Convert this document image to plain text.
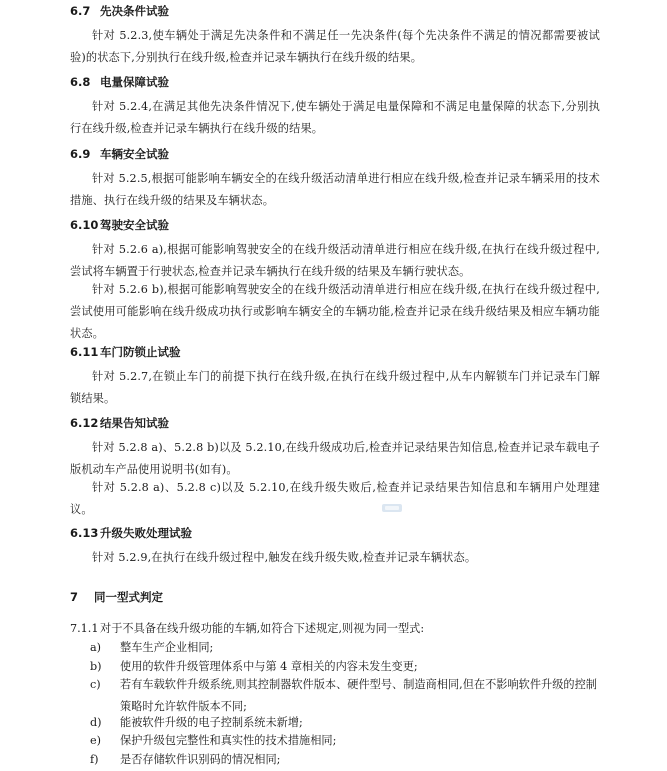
6.7 先决条件试验
针对 5.2.3,使车辆处于满足先决条件和不满足任一先决条件(每个先决条件不满足的情况都需要被试验)的状态下,分别执行在线升级,检查并记录车辆执行在线升级的结果。
6.8 电量保障试验
针对 5.2.4,在满足其他先决条件情况下,使车辆处于满足电量保障和不满足电量保障的状态下,分别执行在线升级,检查并记录车辆执行在线升级的结果。
6.9 车辆安全试验
针对 5.2.5,根据可能影响车辆安全的在线升级活动清单进行相应在线升级,检查并记录车辆采用的技术措施、执行在线升级的结果及车辆状态。
6.10 驾驶安全试验
针对 5.2.6 a),根据可能影响驾驶安全的在线升级活动清单进行相应在线升级,在执行在线升级过程中,尝试将车辆置于行驶状态,检查并记录车辆执行在线升级的结果及车辆行驶状态。
针对 5.2.6 b),根据可能影响驾驶安全的在线升级活动清单进行相应在线升级,在执行在线升级过程中,尝试使用可能影响在线升级成功执行或影响车辆安全的车辆功能,检查并记录在线升级结果及相应车辆功能状态。
6.11 车门防锁止试验
针对 5.2.7,在锁止车门的前提下执行在线升级,在执行在线升级过程中,从车内解锁车门并记录车门解锁结果。
6.12 结果告知试验
针对 5.2.8 a)、5.2.8 b)以及 5.2.10,在线升级成功后,检查并记录结果告知信息,检查并记录车载电子版机动车产品使用说明书(如有)。
针对 5.2.8 a)、5.2.8 c)以及 5.2.10,在线升级失败后,检查并记录结果告知信息和车辆用户处理建议。
6.13 升级失败处理试验
针对 5.2.9,在执行在线升级过程中,触发在线升级失败,检查并记录车辆状态。
7 同一型式判定
7.1.1 对于不具备在线升级功能的车辆,如符合下述规定,则视为同一型式:
a)	整车生产企业相同;
b)	使用的软件升级管理体系中与第 4 章相关的内容未发生变更;
c)	若有车载软件升级系统,则其控制器软件版本、硬件型号、制造商相同,但在不影响软件升级的控制策略时允许软件版本不同;
d)	能被软件升级的电子控制系统未新增;
e)	保护升级包完整性和真实性的技术措施相同;
f)	是否存储软件识别码的情况相同;
